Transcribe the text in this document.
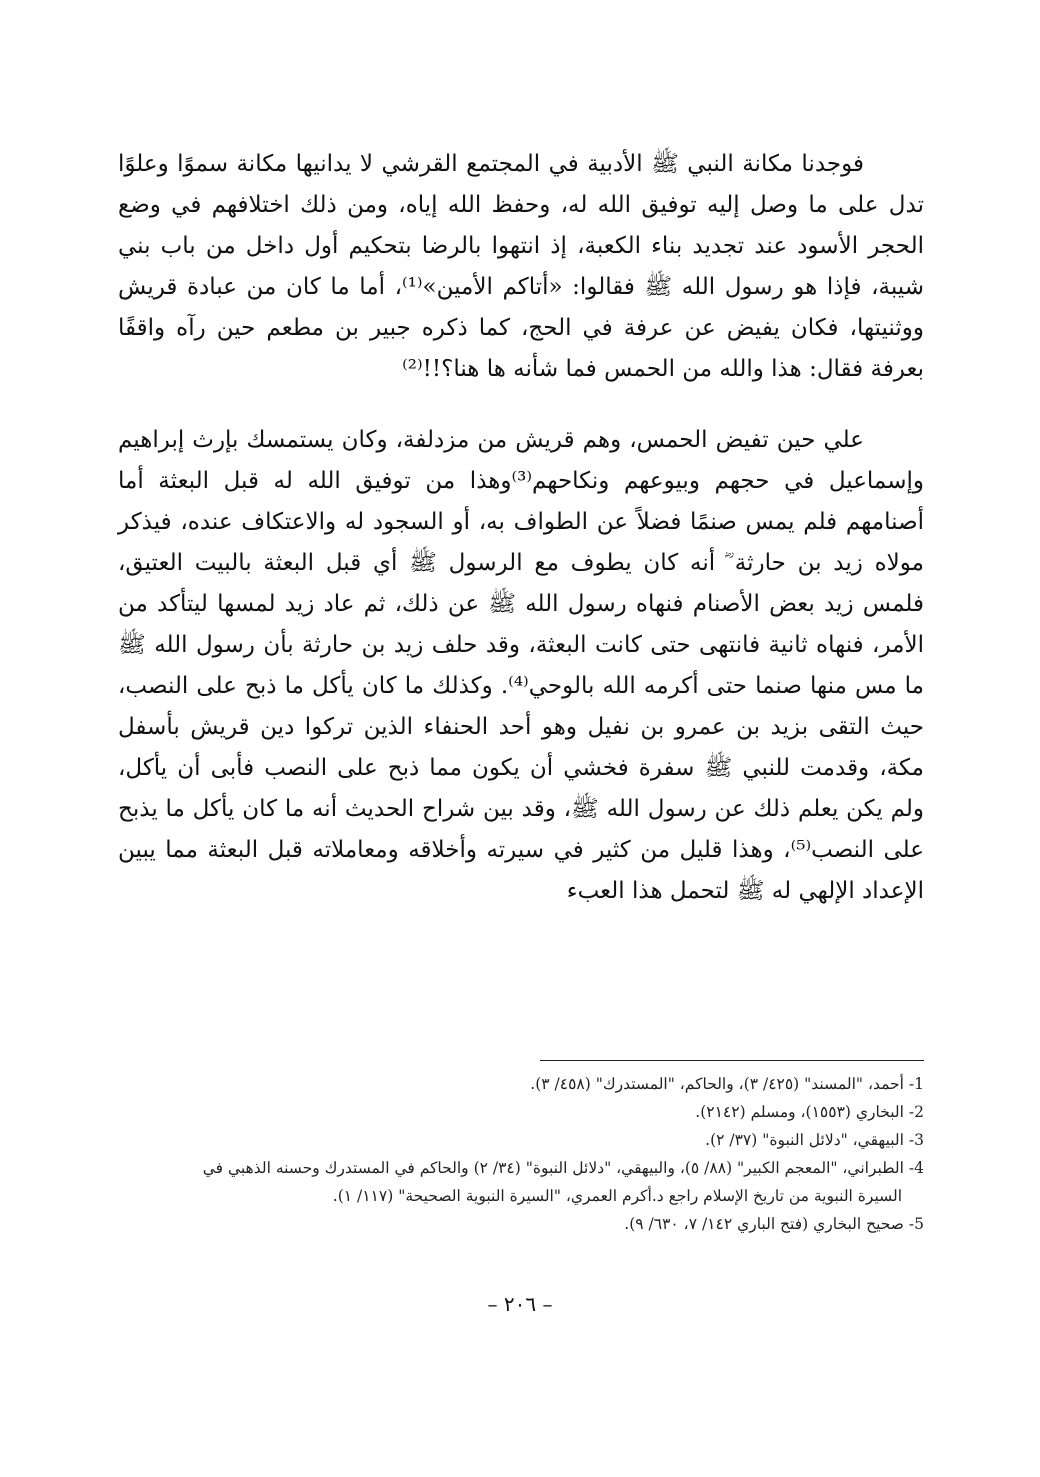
فوجدنا مكانة النبي ﷺ الأدبية في المجتمع القرشي لا يدانيها مكانة سموًا وعلوًا تدل على ما وصل إليه توفيق الله له، وحفظ الله إياه، ومن ذلك اختلافهم في وضع الحجر الأسود عند تجديد بناء الكعبة، إذ انتهوا بالرضا بتحكيم أول داخل من باب بني شيبة، فإذا هو رسول الله ﷺ فقالوا: «أتاكم الأمين»⁽¹⁾، أما ما كان من عبادة قريش ووثنيتها، فكان يفيض عن عرفة في الحج، كما ذكره جبير بن مطعم حين رآه واقفًا بعرفة فقال: هذا والله من الحمس فما شأنه ها هنا؟!!⁽²⁾

علي حين تفيض الحمس، وهم قريش من مزدلفة، وكان يستمسك بإرث إبراهيم وإسماعيل في حجهم وبيوعهم ونكاحهم⁽³⁾وهذا من توفيق الله له قبل البعثة أما أصنامهم فلم يمس صنمًا فضلاً عن الطواف به، أو السجود له والاعتكاف عنده، فيذكر مولاه زيد بن حارثة ؓ أنه كان يطوف مع الرسول ﷺ أي قبل البعثة بالبيت العتيق، فلمس زيد بعض الأصنام فنهاه رسول الله ﷺ عن ذلك، ثم عاد زيد لمسها ليتأكد من الأمر، فنهاه ثانية فانتهى حتى كانت البعثة، وقد حلف زيد بن حارثة بأن رسول الله ﷺ ما مس منها صنما حتى أكرمه الله بالوحي⁽⁴⁾. وكذلك ما كان يأكل ما ذبح على النصب، حيث التقى بزيد بن عمرو بن نفيل وهو أحد الحنفاء الذين تركوا دين قريش بأسفل مكة، وقدمت للنبي ﷺ سفرة فخشي أن يكون مما ذبح على النصب فأبى أن يأكل، ولم يكن يعلم ذلك عن رسول الله ﷺ، وقد بين شراح الحديث أنه ما كان يأكل ما يذبح على النصب⁽⁵⁾، وهذا قليل من كثير في سيرته وأخلاقه ومعاملاته قبل البعثة مما يبين الإعداد الإلهي له ﷺ لتحمل هذا العبء

1- أحمد، "المسند" (٤٢٥/ ٣)، والحاكم، "المستدرك" (٤٥٨/ ٣).

2- البخاري (١٥٥٣)، ومسلم (٢١٤٢).

3- البيهقي، "دلائل النبوة" (٣٧/ ٢).

4- الطبراني، "المعجم الكبير" (٨٨/ ٥)، والبيهقي، "دلائل النبوة" (٣٤/ ٢) والحاكم في المستدرك وحسنه الذهبي في

السيرة النبوية من تاريخ الإسلام راجع د.أكرم العمري، "السيرة النبوية الصحيحة" (١١٧/ ١).

5- صحيح البخاري (فتح الباري ١٤٢/ ٧، ٦٣٠/ ٩).

– ٢٠٦ –
